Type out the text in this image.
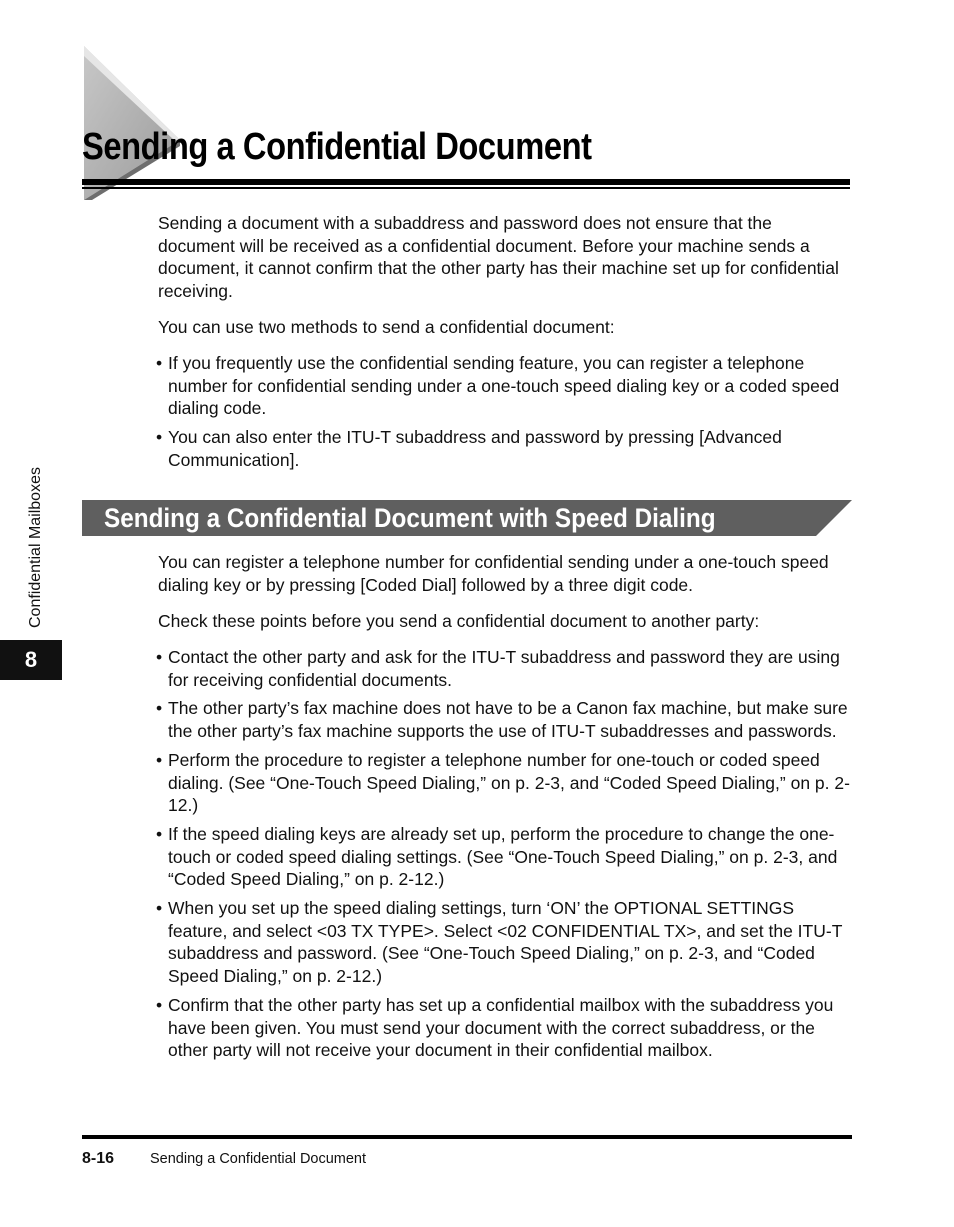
Sending a Confidential Document

Sending a document with a subaddress and password does not ensure that the document will be received as a confidential document. Before your machine sends a document, it cannot confirm that the other party has their machine set up for confidential receiving.

You can use two methods to send a confidential document:

• If you frequently use the confidential sending feature, you can register a telephone number for confidential sending under a one-touch speed dialing key or a coded speed dialing code.
• You can also enter the ITU-T subaddress and password by pressing [Advanced Communication].
Sending a Confidential Document with Speed Dialing

You can register a telephone number for confidential sending under a one-touch speed dialing key or by pressing [Coded Dial] followed by a three digit code.

Check these points before you send a confidential document to another party:

• Contact the other party and ask for the ITU-T subaddress and password they are using for receiving confidential documents.
• The other party’s fax machine does not have to be a Canon fax machine, but make sure the other party’s fax machine supports the use of ITU-T subaddresses and passwords.
• Perform the procedure to register a telephone number for one-touch or coded speed dialing. (See “One-Touch Speed Dialing,” on p. 2-3, and “Coded Speed Dialing,” on p. 2-12.)
• If the speed dialing keys are already set up, perform the procedure to change the one-touch or coded speed dialing settings. (See “One-Touch Speed Dialing,” on p. 2-3, and “Coded Speed Dialing,” on p. 2-12.)
• When you set up the speed dialing settings, turn ‘ON’ the OPTIONAL SETTINGS feature, and select <03 TX TYPE>. Select <02 CONFIDENTIAL TX>, and set the ITU-T subaddress and password. (See “One-Touch Speed Dialing,” on p. 2-3, and “Coded Speed Dialing,” on p. 2-12.)
• Confirm that the other party has set up a confidential mailbox with the subaddress you have been given. You must send your document with the correct subaddress, or the other party will not receive your document in their confidential mailbox.
Confidential Mailboxes
8
8-16 Sending a Confidential Document
